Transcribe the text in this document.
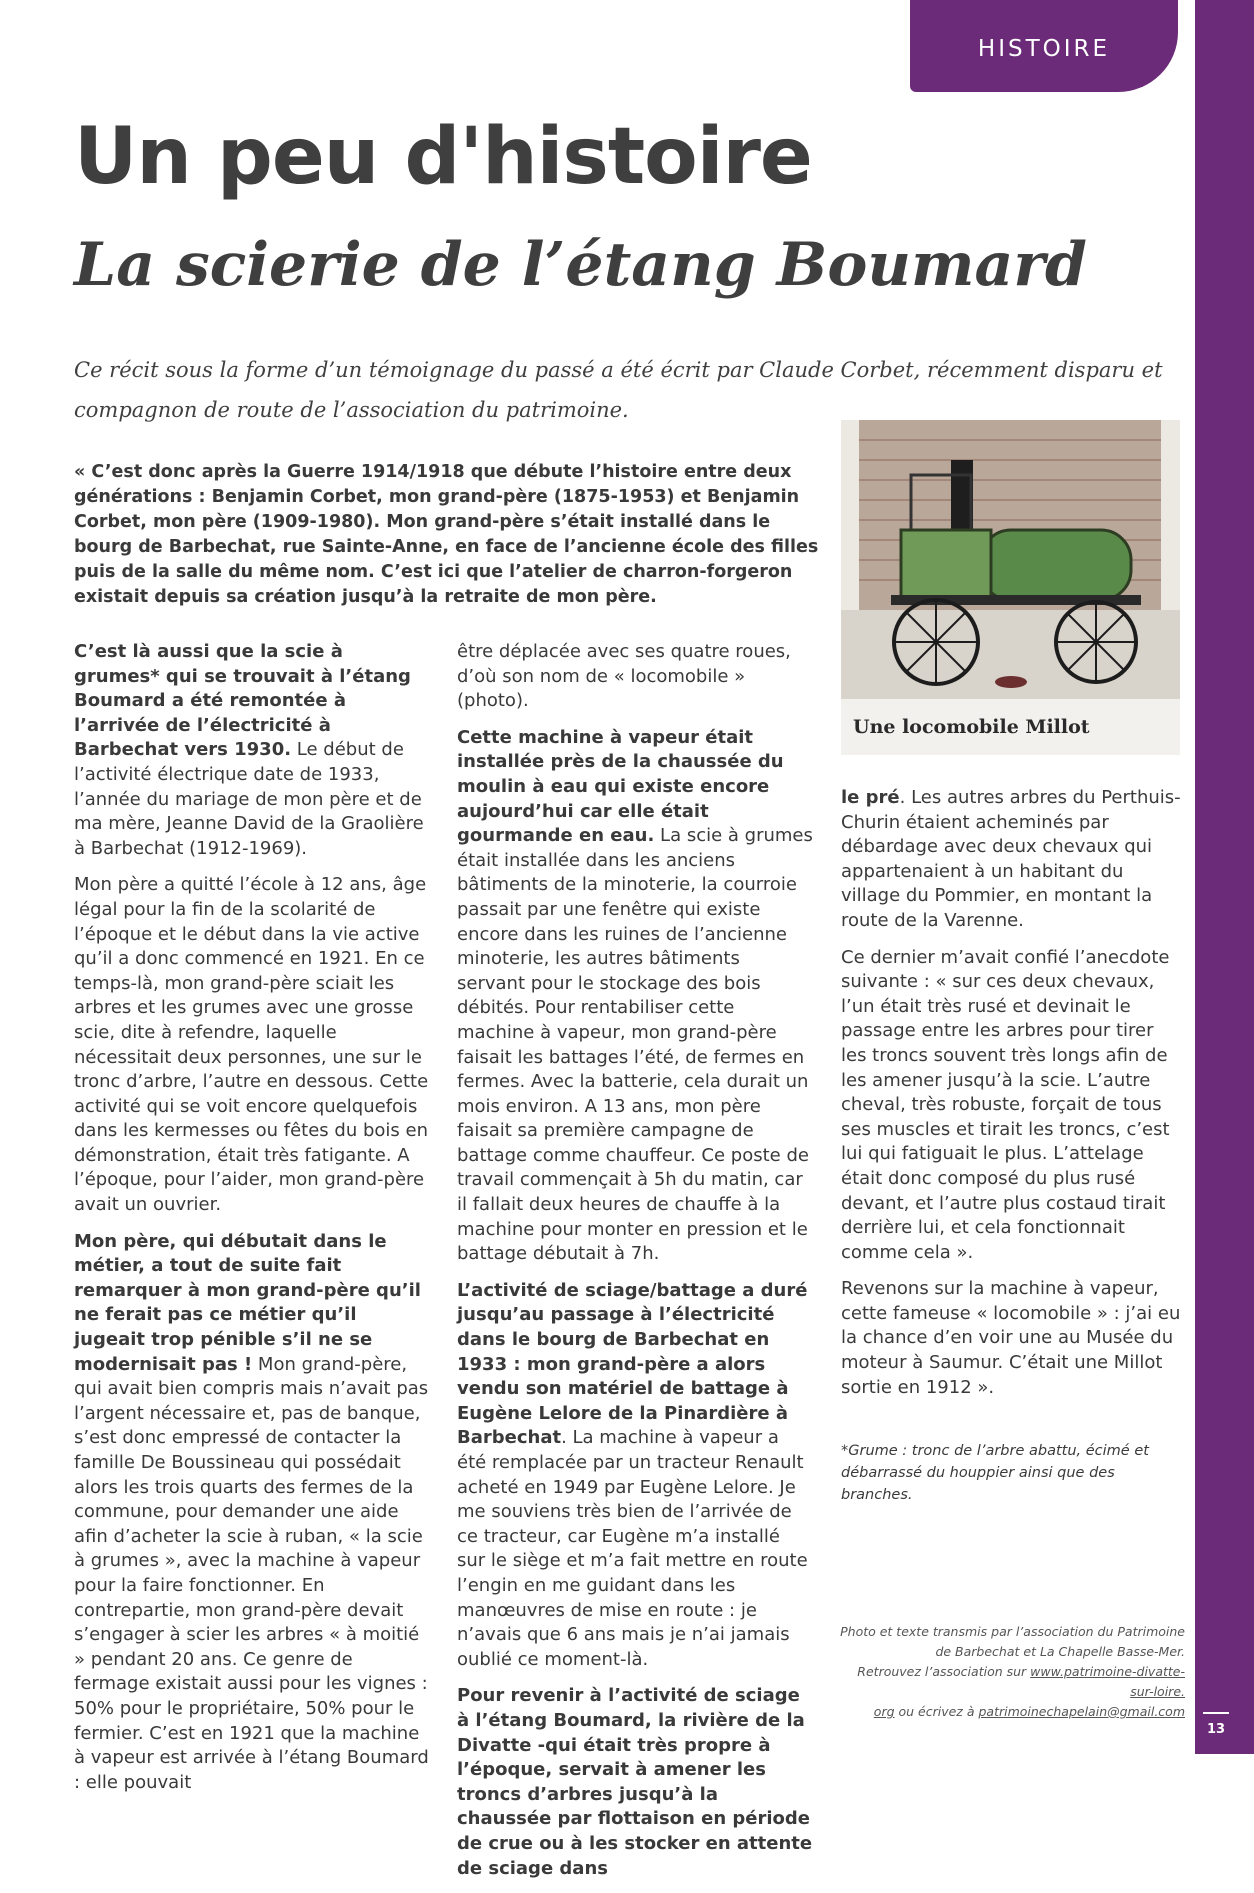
HISTOIRE
13
Un peu d'histoire
La scierie de l’étang Boumard
Ce récit sous la forme d’un témoignage du passé a été écrit par Claude Corbet, récemment disparu et compagnon de route de l’association du patrimoine.
« C’est donc après la Guerre 1914/1918 que débute l’histoire entre deux générations : Benjamin Corbet, mon grand-père (1875-1953) et Benjamin Corbet, mon père (1909-1980). Mon grand-père s’était installé dans le bourg de Barbechat, rue Sainte-Anne, en face de l’ancienne école des filles puis de la salle du même nom. C’est ici que l’atelier de charron-forgeron existait depuis sa création jusqu’à la retraite de mon père.
Une locomobile Millot

C’est là aussi que la scie à grumes* qui se trouvait à l’étang Boumard a été remontée à l’arrivée de l’électricité à Barbechat vers 1930. Le début de l’activité électrique date de 1933, l’année du mariage de mon père et de ma mère, Jeanne David de la Graolière à Barbechat (1912-1969).

Mon père a quitté l’école à 12 ans, âge légal pour la fin de la scolarité de l’époque et le début dans la vie active qu’il a donc commencé en 1921. En ce temps-là, mon grand-père sciait les arbres et les grumes avec une grosse scie, dite à refendre, laquelle nécessitait deux personnes, une sur le tronc d’arbre, l’autre en dessous. Cette activité qui se voit encore quelquefois dans les kermesses ou fêtes du bois en démonstration, était très fatigante. A l’époque, pour l’aider, mon grand-père avait un ouvrier.

Mon père, qui débutait dans le métier, a tout de suite fait remarquer à mon grand-père qu’il ne ferait pas ce métier qu’il jugeait trop pénible s’il ne se modernisait pas ! Mon grand-père, qui avait bien compris mais n’avait pas l’argent nécessaire et, pas de banque, s’est donc empressé de contacter la famille De Boussineau qui possédait alors les trois quarts des fermes de la commune, pour demander une aide afin d’acheter la scie à ruban, « la scie à grumes », avec la machine à vapeur pour la faire fonctionner. En contrepartie, mon grand-père devait s’engager à scier les arbres « à moitié » pendant 20 ans. Ce genre de fermage existait aussi pour les vignes : 50% pour le propriétaire, 50% pour le fermier. C’est en 1921 que la machine à vapeur est arrivée à l’étang Boumard : elle pouvait

être déplacée avec ses quatre roues, d’où son nom de « locomobile » (photo).

Cette machine à vapeur était installée près de la chaussée du moulin à eau qui existe encore aujourd’hui car elle était gourmande en eau. La scie à grumes était installée dans les anciens bâtiments de la minoterie, la courroie passait par une fenêtre qui existe encore dans les ruines de l’ancienne minoterie, les autres bâtiments servant pour le stockage des bois débités. Pour rentabiliser cette machine à vapeur, mon grand-père faisait les battages l’été, de fermes en fermes. Avec la batterie, cela durait un mois environ. A 13 ans, mon père faisait sa première campagne de battage comme chauffeur. Ce poste de travail commençait à 5h du matin, car il fallait deux heures de chauffe à la machine pour monter en pression et le battage débutait à 7h.

L’activité de sciage/battage a duré jusqu’au passage à l’électricité dans le bourg de Barbechat en 1933 : mon grand-père a alors vendu son matériel de battage à Eugène Lelore de la Pinardière à Barbechat. La machine à vapeur a été remplacée par un tracteur Renault acheté en 1949 par Eugène Lelore. Je me souviens très bien de l’arrivée de ce tracteur, car Eugène m’a installé sur le siège et m’a fait mettre en route l’engin en me guidant dans les manœuvres de mise en route : je n’avais que 6 ans mais je n’ai jamais oublié ce moment-là.

Pour revenir à l’activité de sciage à l’étang Boumard, la rivière de la Divatte -qui était très propre à l’époque, servait à amener les troncs d’arbres jusqu’à la chaussée par flottaison en période de crue ou à les stocker en attente de sciage dans

le pré. Les autres arbres du Perthuis-Churin étaient acheminés par débardage avec deux chevaux qui appartenaient à un habitant du village du Pommier, en montant la route de la Varenne.

Ce dernier m’avait confié l’anecdote suivante : « sur ces deux chevaux, l’un était très rusé et devinait le passage entre les arbres pour tirer les troncs souvent très longs afin de les amener jusqu’à la scie. L’autre cheval, très robuste, forçait de tous ses muscles et tirait les troncs, c’est lui qui fatiguait le plus. L’attelage était donc composé du plus rusé devant, et l’autre plus costaud tirait derrière lui, et cela fonctionnait comme cela ».

Revenons sur la machine à vapeur, cette fameuse « locomobile » : j’ai eu la chance d’en voir une au Musée du moteur à Saumur. C’était une Millot sortie en 1912 ».

*Grume : tronc de l’arbre abattu, écimé et débarrassé du houppier ainsi que des branches.
Photo et texte transmis par l’association du Patrimoine de Barbechat et La Chapelle Basse-Mer.
Retrouvez l’association sur www.patrimoine-divatte-sur-loire.
org ou écrivez à patrimoinechapelain@gmail.com
